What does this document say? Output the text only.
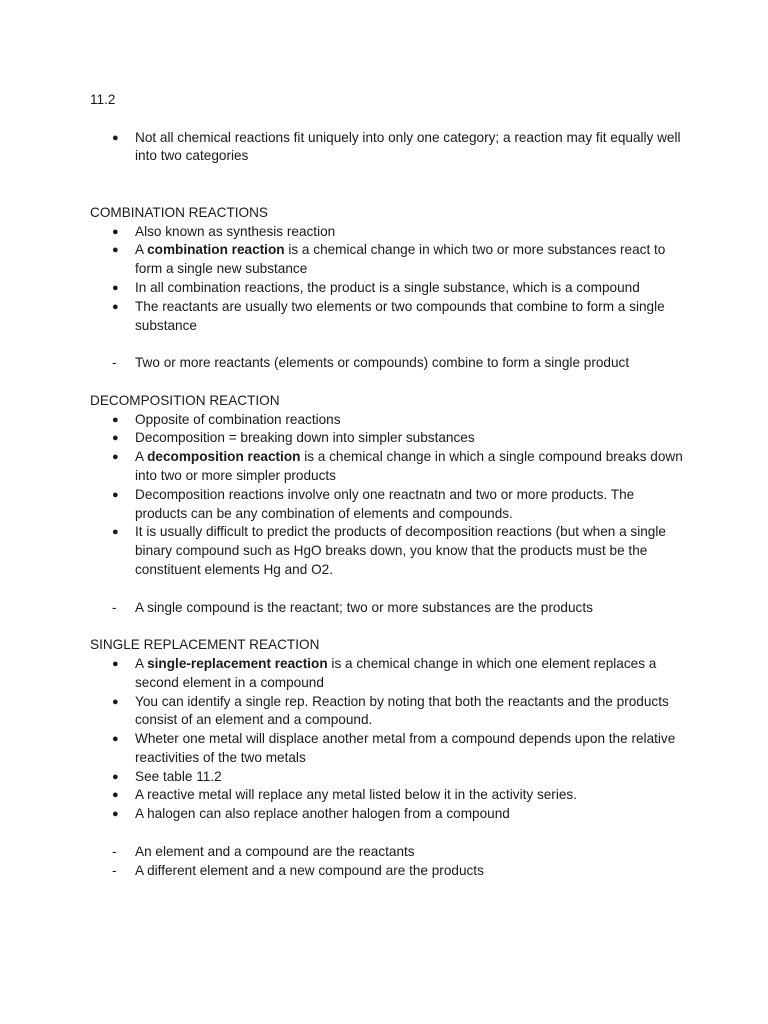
11.2

● Not all chemical reactions fit uniquely into only one category; a reaction may fit equally well into two categories

COMBINATION REACTIONS

● Also known as synthesis reaction
● A combination reaction is a chemical change in which two or more substances react to form a single new substance
● In all combination reactions, the product is a single substance, which is a compound
● The reactants are usually two elements or two compounds that combine to form a single substance
- Two or more reactants (elements or compounds) combine to form a single product

DECOMPOSITION REACTION

● Opposite of combination reactions
● Decomposition = breaking down into simpler substances
● A decomposition reaction is a chemical change in which a single compound breaks down into two or more simpler products
● Decomposition reactions involve only one reactnatn and two or more products. The products can be any combination of elements and compounds.
● It is usually difficult to predict the products of decomposition reactions (but when a single binary compound such as HgO breaks down, you know that the products must be the constituent elements Hg and O2.
- A single compound is the reactant; two or more substances are the products

SINGLE REPLACEMENT REACTION

● A single-replacement reaction is a chemical change in which one element replaces a second element in a compound
● You can identify a single rep. Reaction by noting that both the reactants and the products consist of an element and a compound.
● Wheter one metal will displace another metal from a compound depends upon the relative reactivities of the two metals
● See table 11.2
● A reactive metal will replace any metal listed below it in the activity series.
● A halogen can also replace another halogen from a compound
- An element and a compound are the reactants
- A different element and a new compound are the products
